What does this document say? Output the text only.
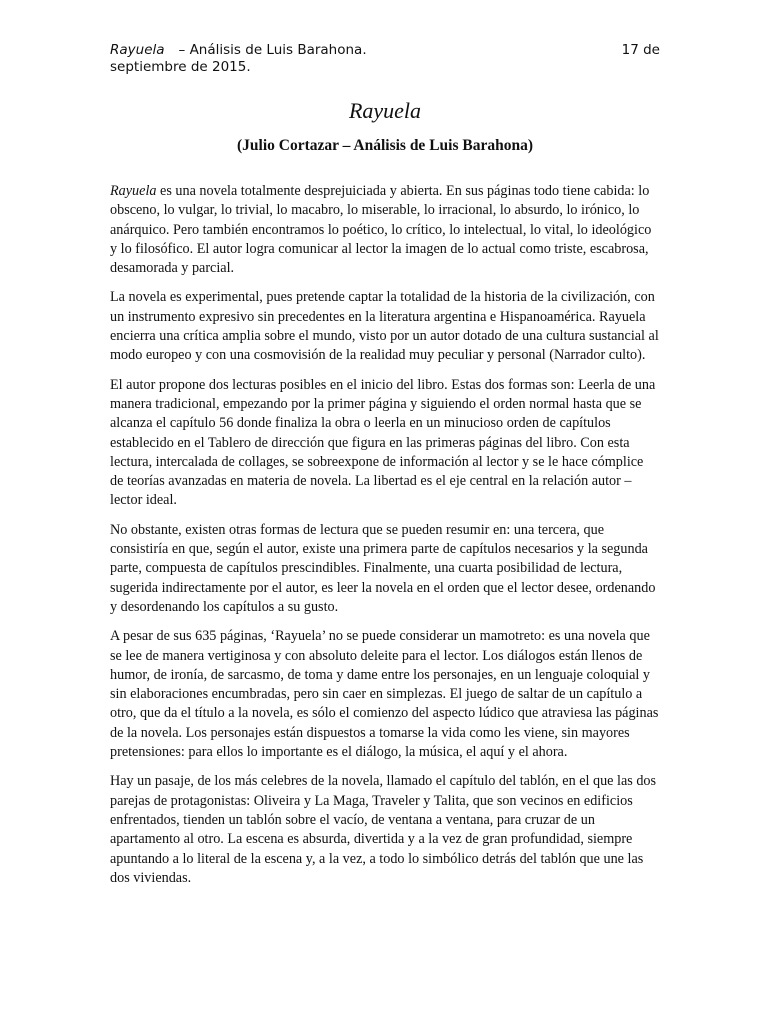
Rayuela – Análisis de Luis Barahona.	17 de
septiembre de 2015.
Rayuela
(Julio Cortazar – Análisis de Luis Barahona)

Rayuela es una novela totalmente desprejuiciada y abierta. En sus páginas todo tiene cabida: lo obsceno, lo vulgar, lo trivial, lo macabro, lo miserable, lo irracional, lo absurdo, lo irónico, lo anárquico. Pero también encontramos lo poético, lo crítico, lo intelectual, lo vital, lo ideológico y lo filosófico. El autor logra comunicar al lector la imagen de lo actual como triste, escabrosa, desamorada y parcial.

La novela es experimental, pues pretende captar la totalidad de la historia de la civilización, con un instrumento expresivo sin precedentes en la literatura argentina e Hispanoamérica. Rayuela encierra una crítica amplia sobre el mundo, visto por un autor dotado de una cultura sustancial al modo europeo y con una cosmovisión de la realidad muy peculiar y personal (Narrador culto).

El autor propone dos lecturas posibles en el inicio del libro. Estas dos formas son: Leerla de una manera tradicional, empezando por la primer página y siguiendo el orden normal hasta que se alcanza el capítulo 56 donde finaliza la obra o leerla en un minucioso orden de capítulos establecido en el Tablero de dirección que figura en las primeras páginas del libro. Con esta lectura, intercalada de collages, se sobreexpone de información al lector y se le hace cómplice de teorías avanzadas en materia de novela. La libertad es el eje central en la relación autor – lector ideal.

No obstante, existen otras formas de lectura que se pueden resumir en: una tercera, que consistiría en que, según el autor, existe una primera parte de capítulos necesarios y la segunda parte, compuesta de capítulos prescindibles. Finalmente, una cuarta posibilidad de lectura, sugerida indirectamente por el autor, es leer la novela en el orden que el lector desee, ordenando y desordenando los capítulos a su gusto.

A pesar de sus 635 páginas, ‘Rayuela’ no se puede considerar un mamotreto: es una novela que se lee de manera vertiginosa y con absoluto deleite para el lector. Los diálogos están llenos de humor, de ironía, de sarcasmo, de toma y dame entre los personajes, en un lenguaje coloquial y sin elaboraciones encumbradas, pero sin caer en simplezas. El juego de saltar de un capítulo a otro, que da el título a la novela, es sólo el comienzo del aspecto lúdico que atraviesa las páginas de la novela. Los personajes están dispuestos a tomarse la vida como les viene, sin mayores pretensiones: para ellos lo importante es el diálogo, la música, el aquí y el ahora.

Hay un pasaje, de los más celebres de la novela, llamado el capítulo del tablón, en el que las dos parejas de protagonistas: Oliveira y La Maga, Traveler y Talita, que son vecinos en edificios enfrentados, tienden un tablón sobre el vacío, de ventana a ventana, para cruzar de un apartamento al otro. La escena es absurda, divertida y a la vez de gran profundidad, siempre apuntando a lo literal de la escena y, a la vez, a todo lo simbólico detrás del tablón que une las dos viviendas.
